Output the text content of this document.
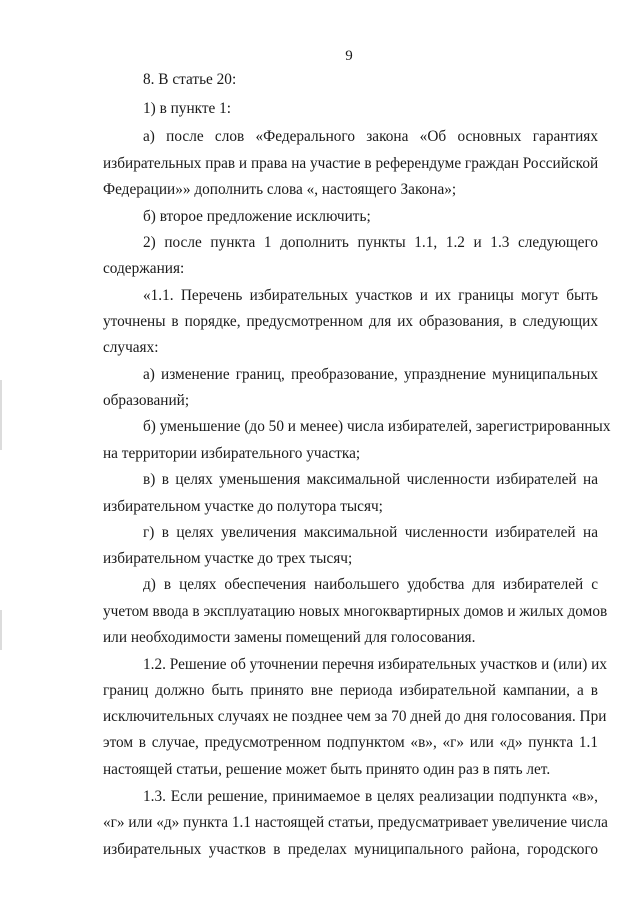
9
8. В статье 20:
1) в пункте 1:
а) после слов «Федерального закона «Об основных гарантиях
избирательных прав и права на участие в референдуме граждан Российской
Федерации»» дополнить слова «, настоящего Закона»;
б) второе предложение исключить;
2) после пункта 1 дополнить пункты 1.1, 1.2 и 1.3 следующего
содержания:
«1.1. Перечень избирательных участков и их границы могут быть
уточнены в порядке, предусмотренном для их образования, в следующих
случаях:
а) изменение границ, преобразование, упразднение муниципальных
образований;
б) уменьшение (до 50 и менее) числа избирателей, зарегистрированных
на территории избирательного участка;
в) в целях уменьшения максимальной численности избирателей на
избирательном участке до полутора тысяч;
г) в целях увеличения максимальной численности избирателей на
избирательном участке до трех тысяч;
д) в целях обеспечения наибольшего удобства для избирателей с
учетом ввода в эксплуатацию новых многоквартирных домов и жилых домов
или необходимости замены помещений для голосования.
1.2. Решение об уточнении перечня избирательных участков и (или) их
границ должно быть принято вне периода избирательной кампании, а в
исключительных случаях не позднее чем за 70 дней до дня голосования. При
этом в случае, предусмотренном подпунктом «в», «г» или «д» пункта 1.1
настоящей статьи, решение может быть принято один раз в пять лет.
1.3. Если решение, принимаемое в целях реализации подпункта «в»,
«г» или «д» пункта 1.1 настоящей статьи, предусматривает увеличение числа
избирательных участков в пределах муниципального района, городского
